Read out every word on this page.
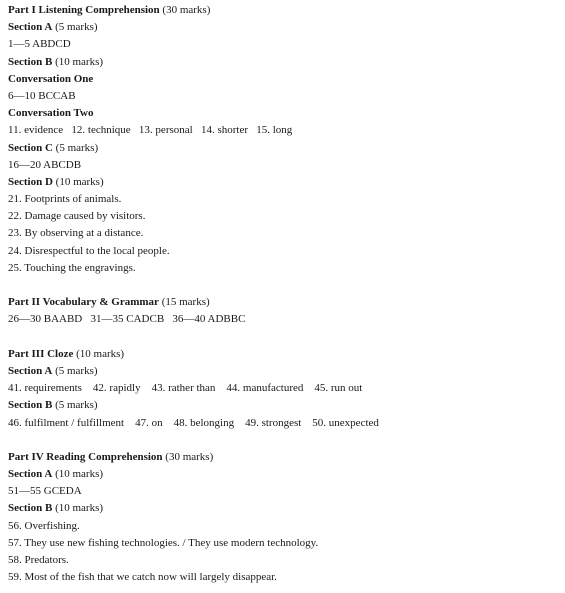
Part I Listening Comprehension (30 marks)
Section A (5 marks)
1—5 ABDCD
Section B (10 marks)
Conversation One
6—10 BCCAB
Conversation Two
11. evidence   12. technique   13. personal   14. shorter   15. long
Section C (5 marks)
16—20 ABCDB
Section D (10 marks)
21. Footprints of animals.
22. Damage caused by visitors.
23. By observing at a distance.
24. Disrespectful to the local people.
25. Touching the engravings.
Part II Vocabulary & Grammar (15 marks)
26—30 BAABD   31—35 CADCB   36—40 ADBBC
Part III Cloze (10 marks)
Section A (5 marks)
41. requirements    42. rapidly    43. rather than    44. manufactured    45. run out
Section B (5 marks)
46. fulfilment / fulfillment    47. on    48. belonging    49. strongest    50. unexpected
Part IV Reading Comprehension (30 marks)
Section A (10 marks)
51—55 GCEDA
Section B (10 marks)
56. Overfishing.
57. They use new fishing technologies. / They use modern technology.
58. Predators.
59. Most of the fish that we catch now will largely disappear.
